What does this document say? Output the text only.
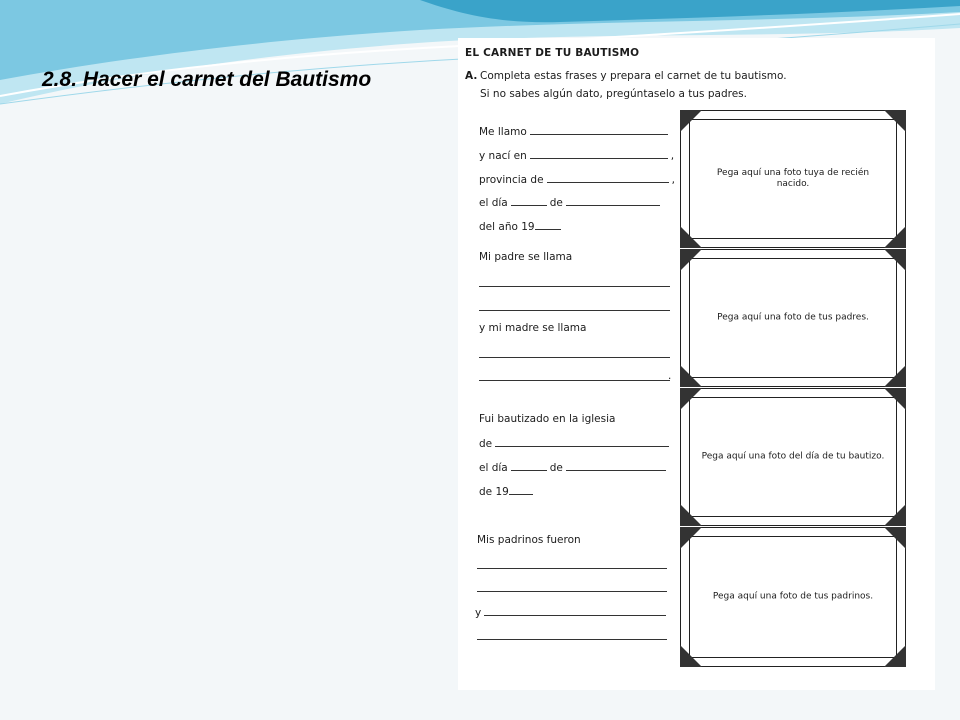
2.8. Hacer el carnet del Bautismo
EL CARNET DE TU BAUTISMO
A. Completa estas frases y prepara el carnet de tu bautismo.
Si no sabes algún dato, pregúntaselo a tus padres.
Me llamo
y nací en	,
provincia de	,
el día	de
del año 19
Mi padre se llama
y mi madre se llama
.
Fui bautizado en la iglesia
de
el día	de
de 19
Mis padrinos fueron
y
Pega aquí una foto tuya de recién nacido.
Pega aquí una foto de tus padres.
Pega aquí una foto del día de tu bautizo.
Pega aquí una foto de tus padrinos.
